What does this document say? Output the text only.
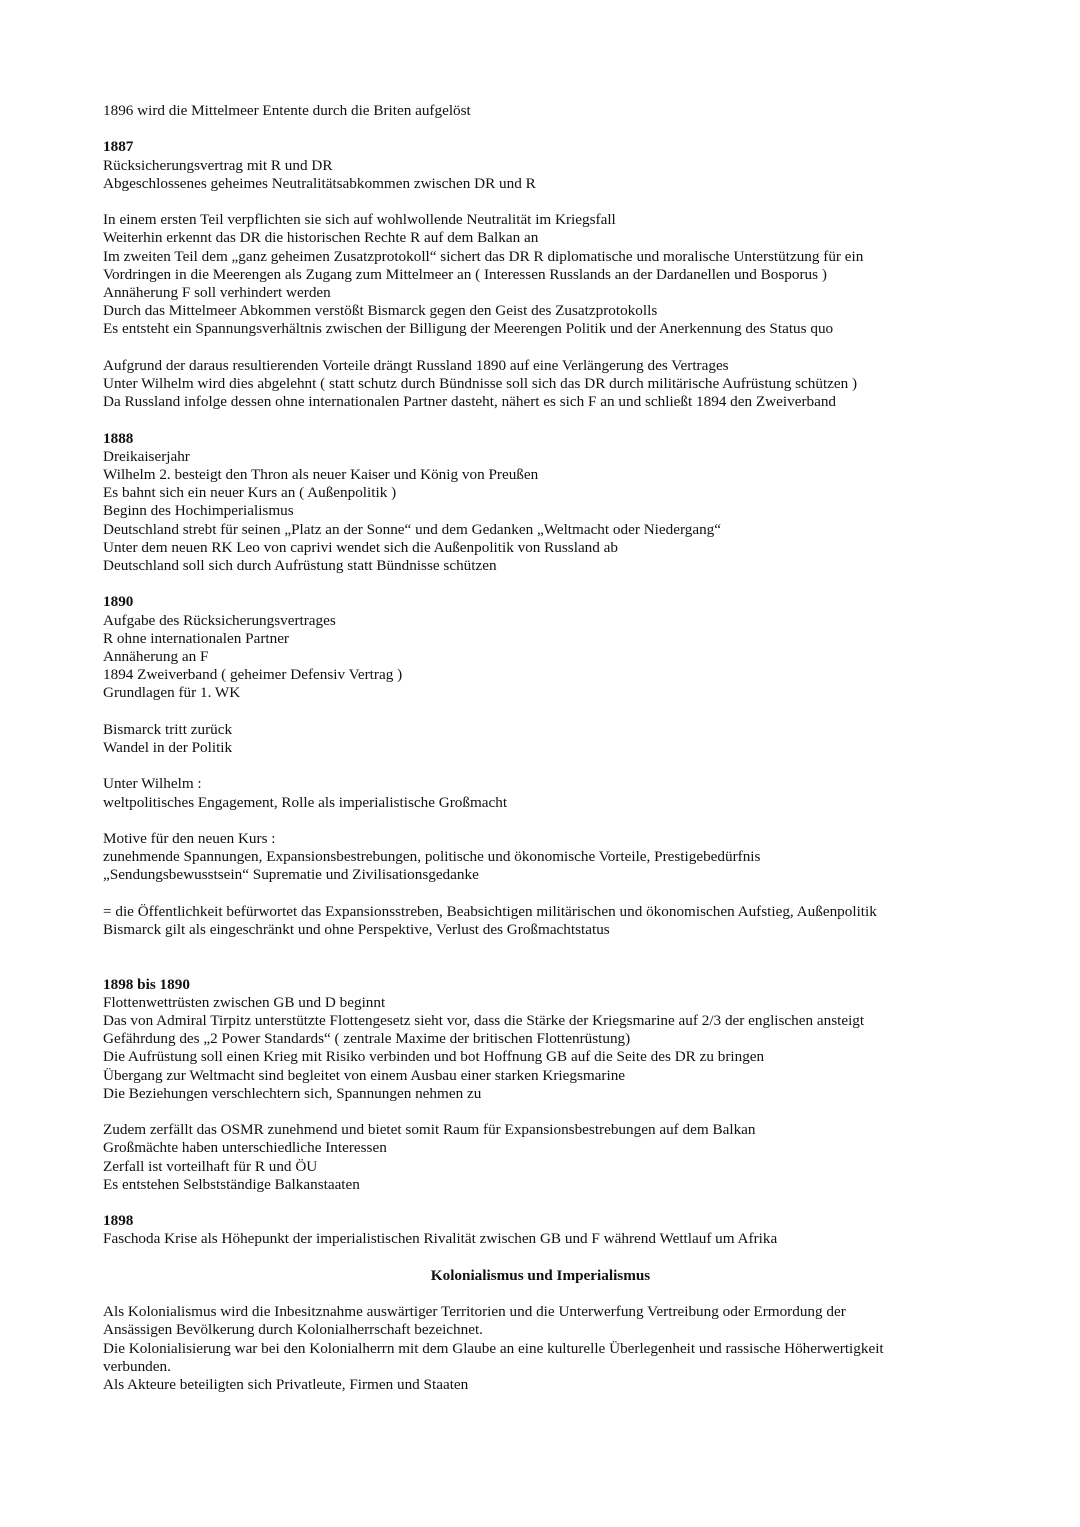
1896 wird die Mittelmeer Entente durch die Briten aufgelöst
1887
Rücksicherungsvertrag mit R und DR
Abgeschlossenes geheimes Neutralitätsabkommen zwischen DR und R
In einem ersten Teil verpflichten sie sich auf wohlwollende Neutralität im Kriegsfall
Weiterhin erkennt das DR die historischen Rechte R auf dem Balkan an
Im zweiten Teil dem „ganz geheimen Zusatzprotokoll“ sichert das DR R diplomatische und moralische Unterstützung für ein
Vordringen in die Meerengen als Zugang zum Mittelmeer an ( Interessen Russlands an der Dardanellen und Bosporus )
Annäherung F soll verhindert werden
Durch das Mittelmeer Abkommen verstößt Bismarck gegen den Geist des Zusatzprotokolls
Es entsteht ein Spannungsverhältnis zwischen der Billigung der Meerengen Politik und der Anerkennung des Status quo
Aufgrund der daraus resultierenden Vorteile drängt Russland 1890 auf eine Verlängerung des Vertrages
Unter Wilhelm wird dies abgelehnt ( statt schutz durch Bündnisse soll sich das DR durch militärische Aufrüstung schützen )
Da Russland infolge dessen ohne internationalen Partner dasteht, nähert es sich F an und schließt 1894 den Zweiverband
1888
Dreikaiserjahr
Wilhelm 2. besteigt den Thron als neuer Kaiser und König von Preußen
Es bahnt sich ein neuer Kurs an ( Außenpolitik )
Beginn des Hochimperialismus
Deutschland strebt für seinen „Platz an der Sonne“ und dem Gedanken „Weltmacht oder Niedergang“
Unter dem neuen RK Leo von caprivi wendet sich die Außenpolitik von Russland ab
Deutschland soll sich durch Aufrüstung statt Bündnisse schützen
1890
Aufgabe des Rücksicherungsvertrages
R ohne internationalen Partner
Annäherung an F
1894 Zweiverband ( geheimer Defensiv Vertrag )
Grundlagen für 1. WK
Bismarck tritt zurück
Wandel in der Politik
Unter Wilhelm :
weltpolitisches Engagement, Rolle als imperialistische Großmacht
Motive für den neuen Kurs :
zunehmende Spannungen, Expansionsbestrebungen, politische und ökonomische Vorteile, Prestigebedürfnis
„Sendungsbewusstsein“ Suprematie und Zivilisationsgedanke
= die Öffentlichkeit befürwortet das Expansionsstreben, Beabsichtigen militärischen und ökonomischen Aufstieg, Außenpolitik
Bismarck gilt als eingeschränkt und ohne Perspektive, Verlust des Großmachtstatus
1898 bis 1890
Flottenwettrüsten zwischen GB und D beginnt
Das von Admiral Tirpitz unterstützte Flottengesetz sieht vor, dass die Stärke der Kriegsmarine auf 2/3 der englischen ansteigt
Gefährdung des „2 Power Standards“ ( zentrale Maxime der britischen Flottenrüstung)
Die Aufrüstung soll einen Krieg mit Risiko verbinden und bot Hoffnung GB auf die Seite des DR zu bringen
Übergang zur Weltmacht sind begleitet von einem Ausbau einer starken Kriegsmarine
Die Beziehungen verschlechtern sich, Spannungen nehmen zu
Zudem zerfällt das OSMR zunehmend und bietet somit Raum für Expansionsbestrebungen auf dem Balkan
Großmächte haben unterschiedliche Interessen
Zerfall ist vorteilhaft für R und ÖU
Es entstehen Selbstständige Balkanstaaten
1898
Faschoda Krise als Höhepunkt der imperialistischen Rivalität zwischen GB und F während Wettlauf um Afrika
Kolonialismus und Imperialismus
Als Kolonialismus wird die Inbesitznahme auswärtiger Territorien und die Unterwerfung Vertreibung oder Ermordung der
Ansässigen Bevölkerung durch Kolonialherrschaft bezeichnet.
Die Kolonialisierung war bei den Kolonialherrn mit dem Glaube an eine kulturelle Überlegenheit und rassische Höherwertigkeit
verbunden.
Als Akteure beteiligten sich Privatleute, Firmen und Staaten
